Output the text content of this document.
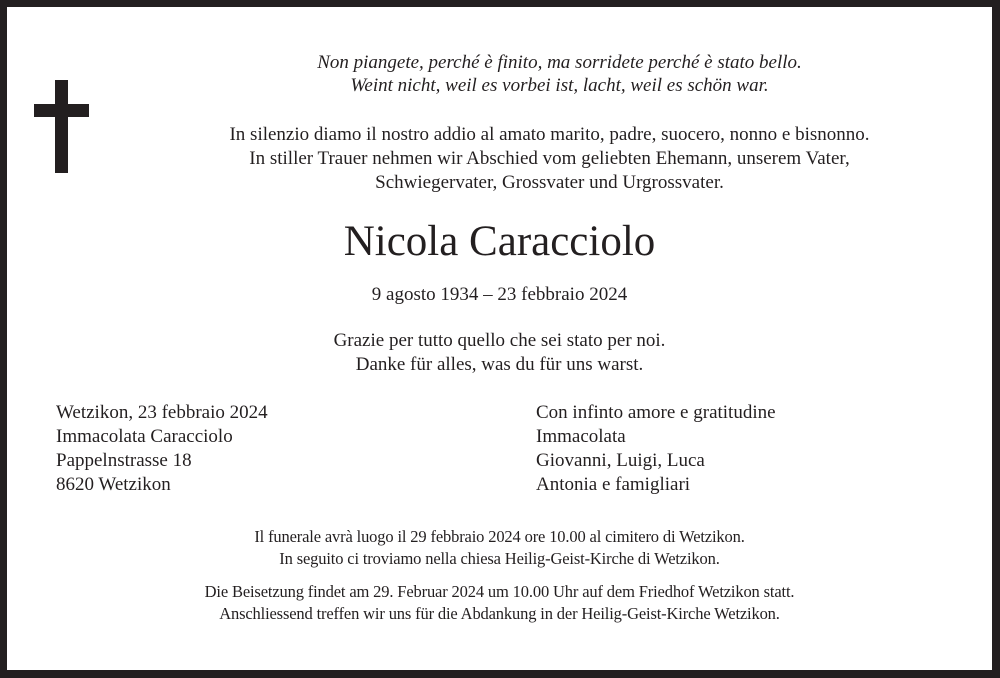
Non piangete, perché è finito, ma sorridete perché è stato bello.
Weint nicht, weil es vorbei ist, lacht, weil es schön war.
In silenzio diamo il nostro addio al amato marito, padre, suocero, nonno e bisnonno.
In stiller Trauer nehmen wir Abschied vom geliebten Ehemann, unserem Vater,
Schwiegervater, Grossvater und Urgrossvater.
Nicola Caracciolo
9 agosto 1934 – 23 febbraio 2024
Grazie per tutto quello che sei stato per noi.
Danke für alles, was du für uns warst.
Wetzikon, 23 febbraio 2024
Immacolata Caracciolo
Pappelnstrasse 18
8620 Wetzikon
Con infinto amore e gratitudine
Immacolata
Giovanni, Luigi, Luca
Antonia e famigliari
Il funerale avrà luogo il 29 febbraio 2024 ore 10.00 al cimitero di Wetzikon.
In seguito ci troviamo nella chiesa Heilig-Geist-Kirche di Wetzikon.
Die Beisetzung findet am 29. Februar 2024 um 10.00 Uhr auf dem Friedhof Wetzikon statt.
Anschliessend treffen wir uns für die Abdankung in der Heilig-Geist-Kirche Wetzikon.
